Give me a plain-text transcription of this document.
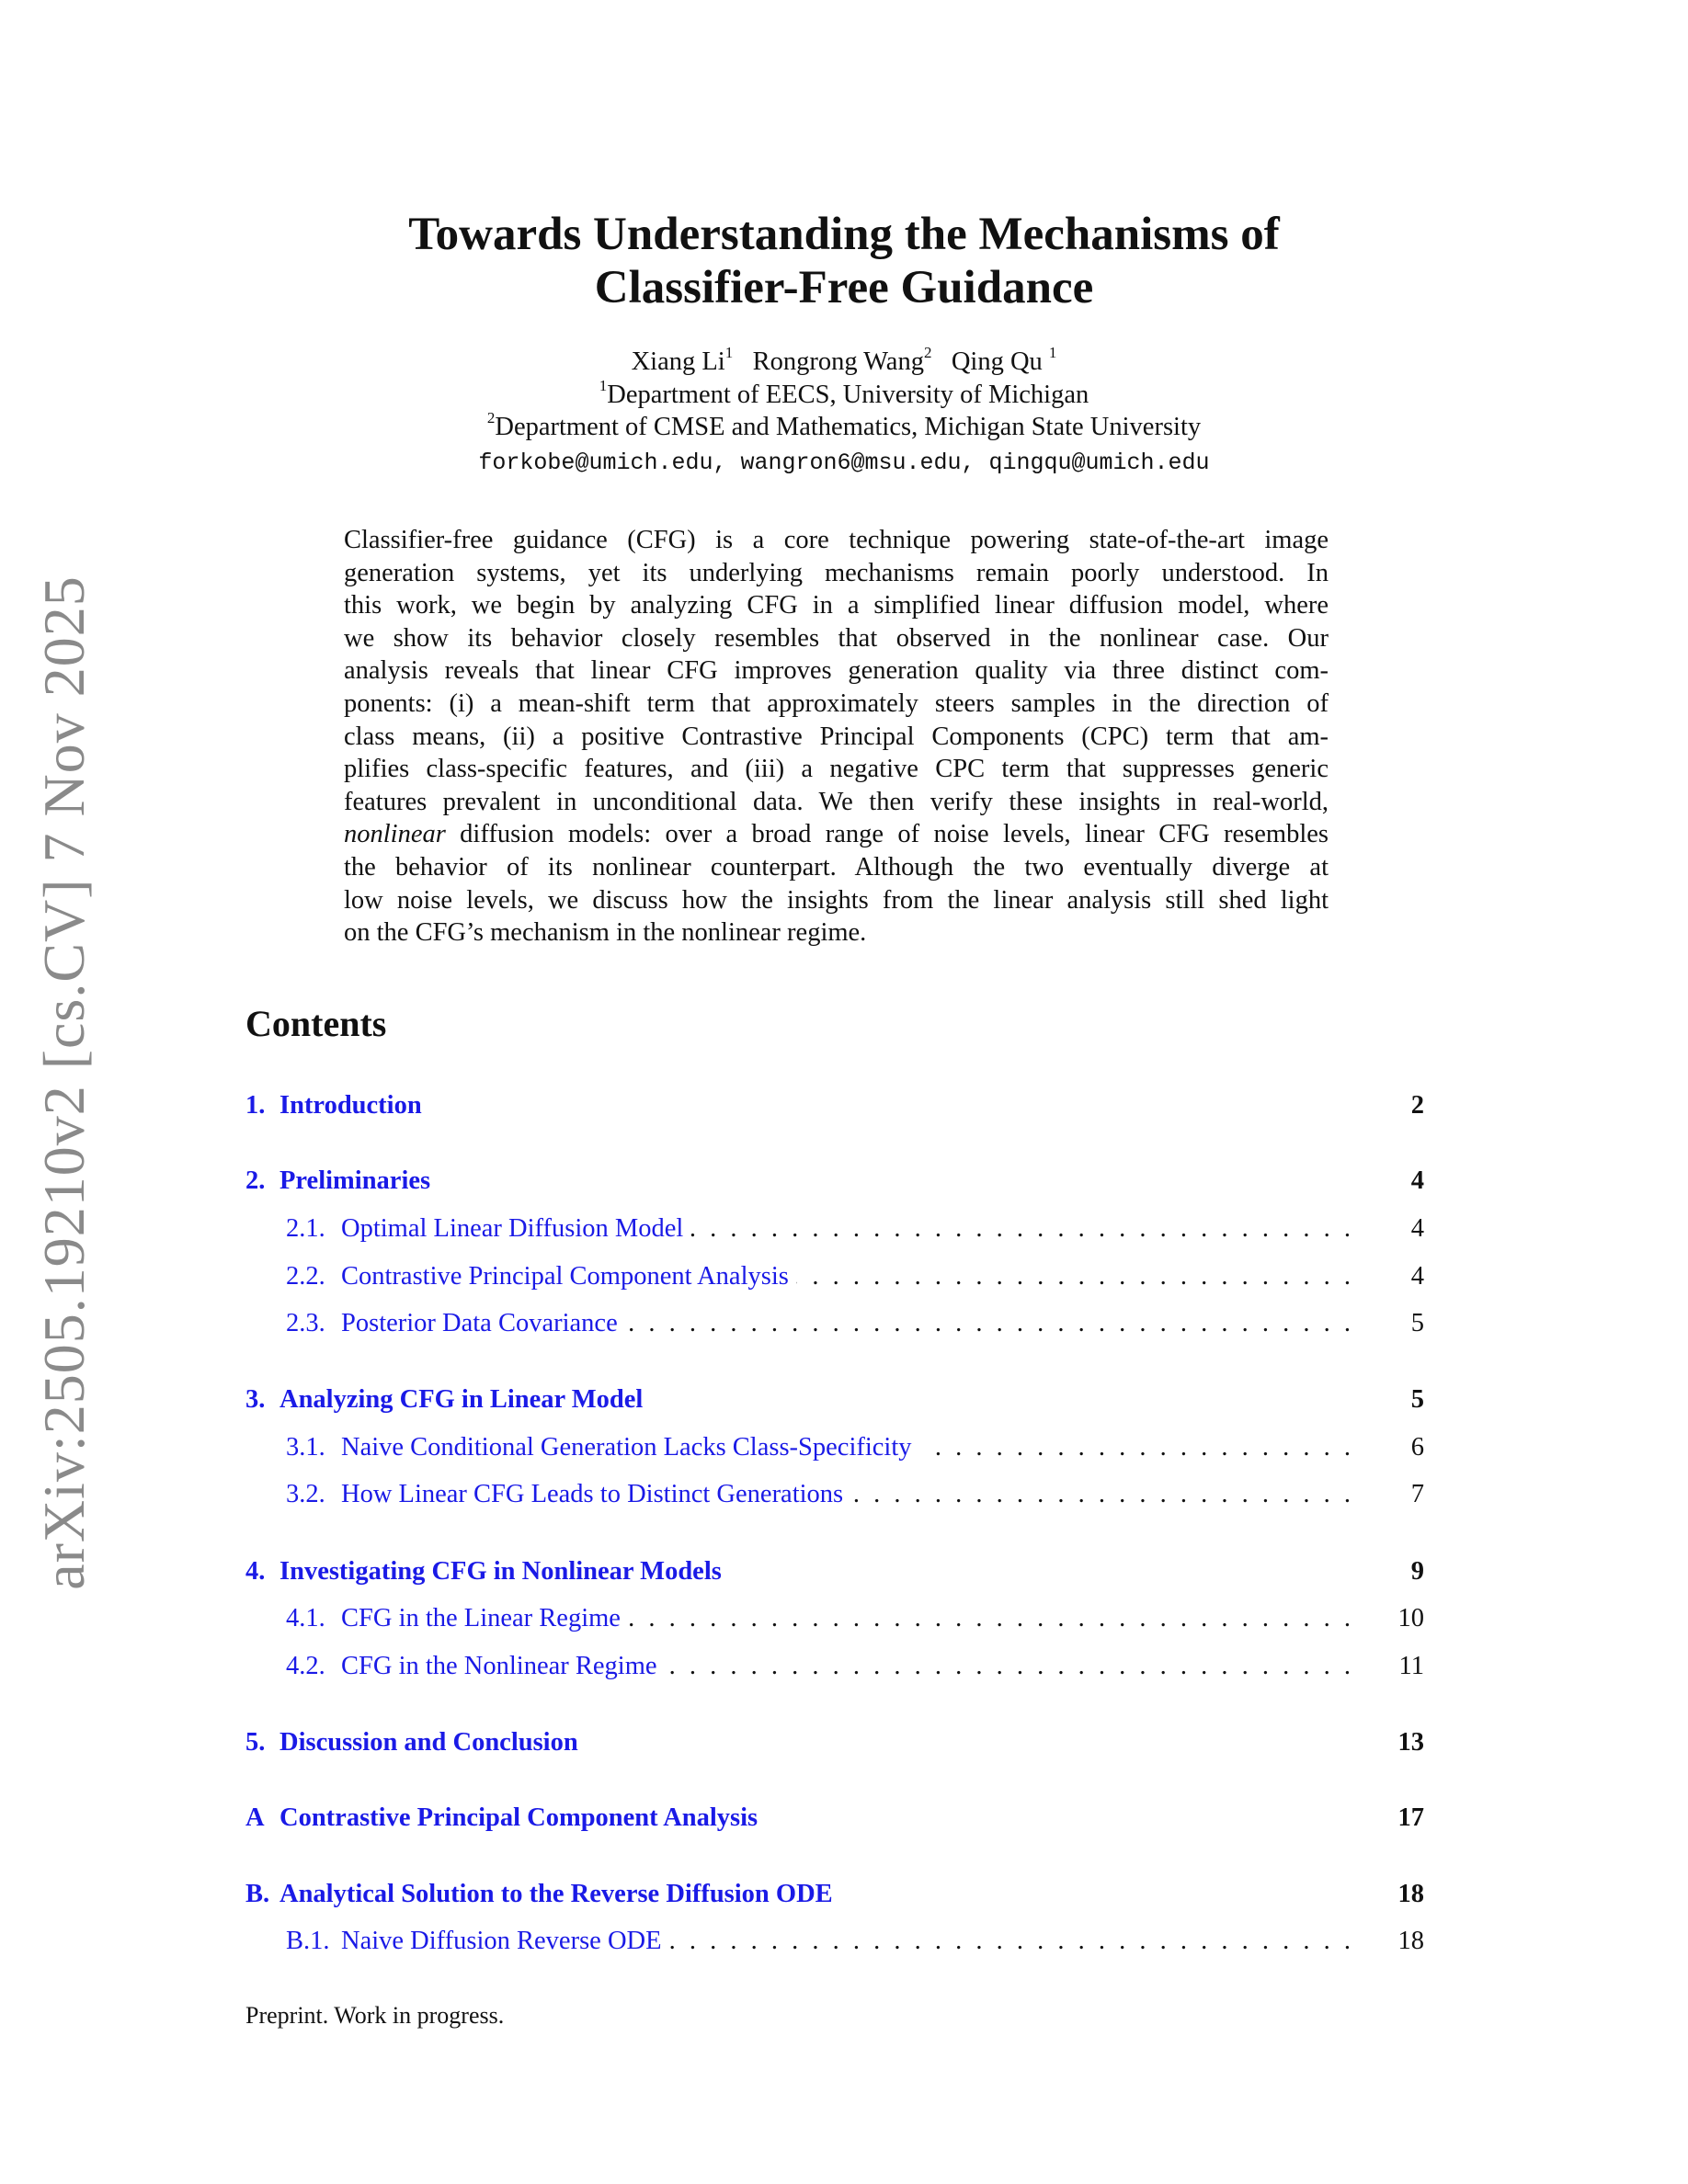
arXiv:2505.19210v2 [cs.CV] 7 Nov 2025
Towards Understanding the Mechanisms of
Classifier-Free Guidance
Xiang Li$^1$ Rongrong Wang$^2$ Qing Qu $^1$
$^1$Department of EECS, University of Michigan
$^2$Department of CMSE and Mathematics, Michigan State University
forkobe@umich.edu, wangron6@msu.edu, qingqu@umich.edu
Classifier-free guidance (CFG) is a core technique powering state-of-the-art image
generation systems, yet its underlying mechanisms remain poorly understood. In
this work, we begin by analyzing CFG in a simplified linear diffusion model, where
we show its behavior closely resembles that observed in the nonlinear case. Our
analysis reveals that linear CFG improves generation quality via three distinct com-
ponents: (i) a mean-shift term that approximately steers samples in the direction of
class means, (ii) a positive Contrastive Principal Components (CPC) term that am-
plifies class-specific features, and (iii) a negative CPC term that suppresses generic
features prevalent in unconditional data. We then verify these insights in real-world,
nonlinear diffusion models: over a broad range of noise levels, linear CFG resembles
the behavior of its nonlinear counterpart. Although the two eventually diverge at
low noise levels, we discuss how the insights from the linear analysis still shed light
on the CFG’s mechanism in the nonlinear regime.
Contents
1. Introduction	2
2. Preliminaries	4
2.1. Optimal Linear Diffusion Model . . .	4
2.2. Contrastive Principal Component Analysis . . .	4
2.3. Posterior Data Covariance . . .	5
3. Analyzing CFG in Linear Model	5
3.1. Naive Conditional Generation Lacks Class-Specificity . . .	6
3.2. How Linear CFG Leads to Distinct Generations . . .	7
4. Investigating CFG in Nonlinear Models	9
4.1. CFG in the Linear Regime . . .	10
4.2. CFG in the Nonlinear Regime . . .	11
5. Discussion and Conclusion	13
A Contrastive Principal Component Analysis	17
B. Analytical Solution to the Reverse Diffusion ODE	18
B.1. Naive Diffusion Reverse ODE . . .	18
Preprint. Work in progress.
